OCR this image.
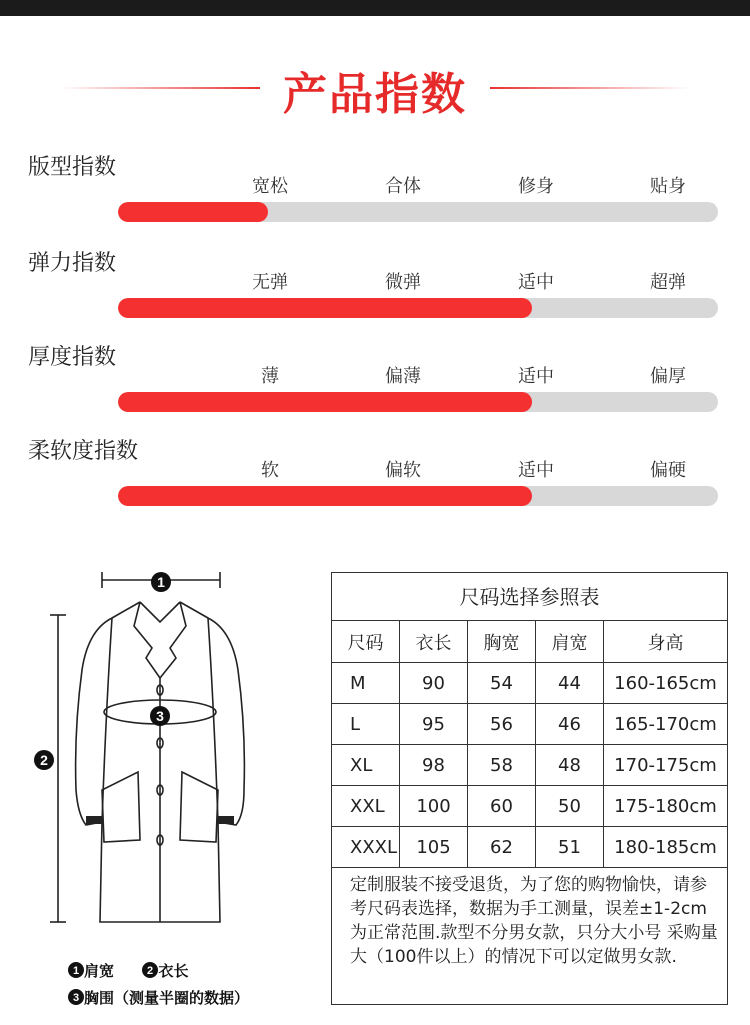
产品指数
版型指数
宽松	合体	修身	贴身
弹力指数
无弹	微弹	适中	超弹
厚度指数
薄	偏薄	适中	偏厚
柔软度指数
软	偏软	适中	偏硬
1
3
2
1 肩宽	2 衣长
3 胸围（测量半圈的数据）
尺码选择参照表
尺码	衣长	胸宽	肩宽	身高
M	90	54	44	160-165cm
L	95	56	46	165-170cm
XL	98	58	48	170-175cm
XXL	100	60	50	175-180cm
XXXL	105	62	51	180-185cm
定制服装不接受退货，为了您的购物愉快，请参考尺码表选择，数据为手工测量，误差±1-2cm为正常范围.款型不分男女款，只分大小号 采购量大（100件以上）的情况下可以定做男女款.
